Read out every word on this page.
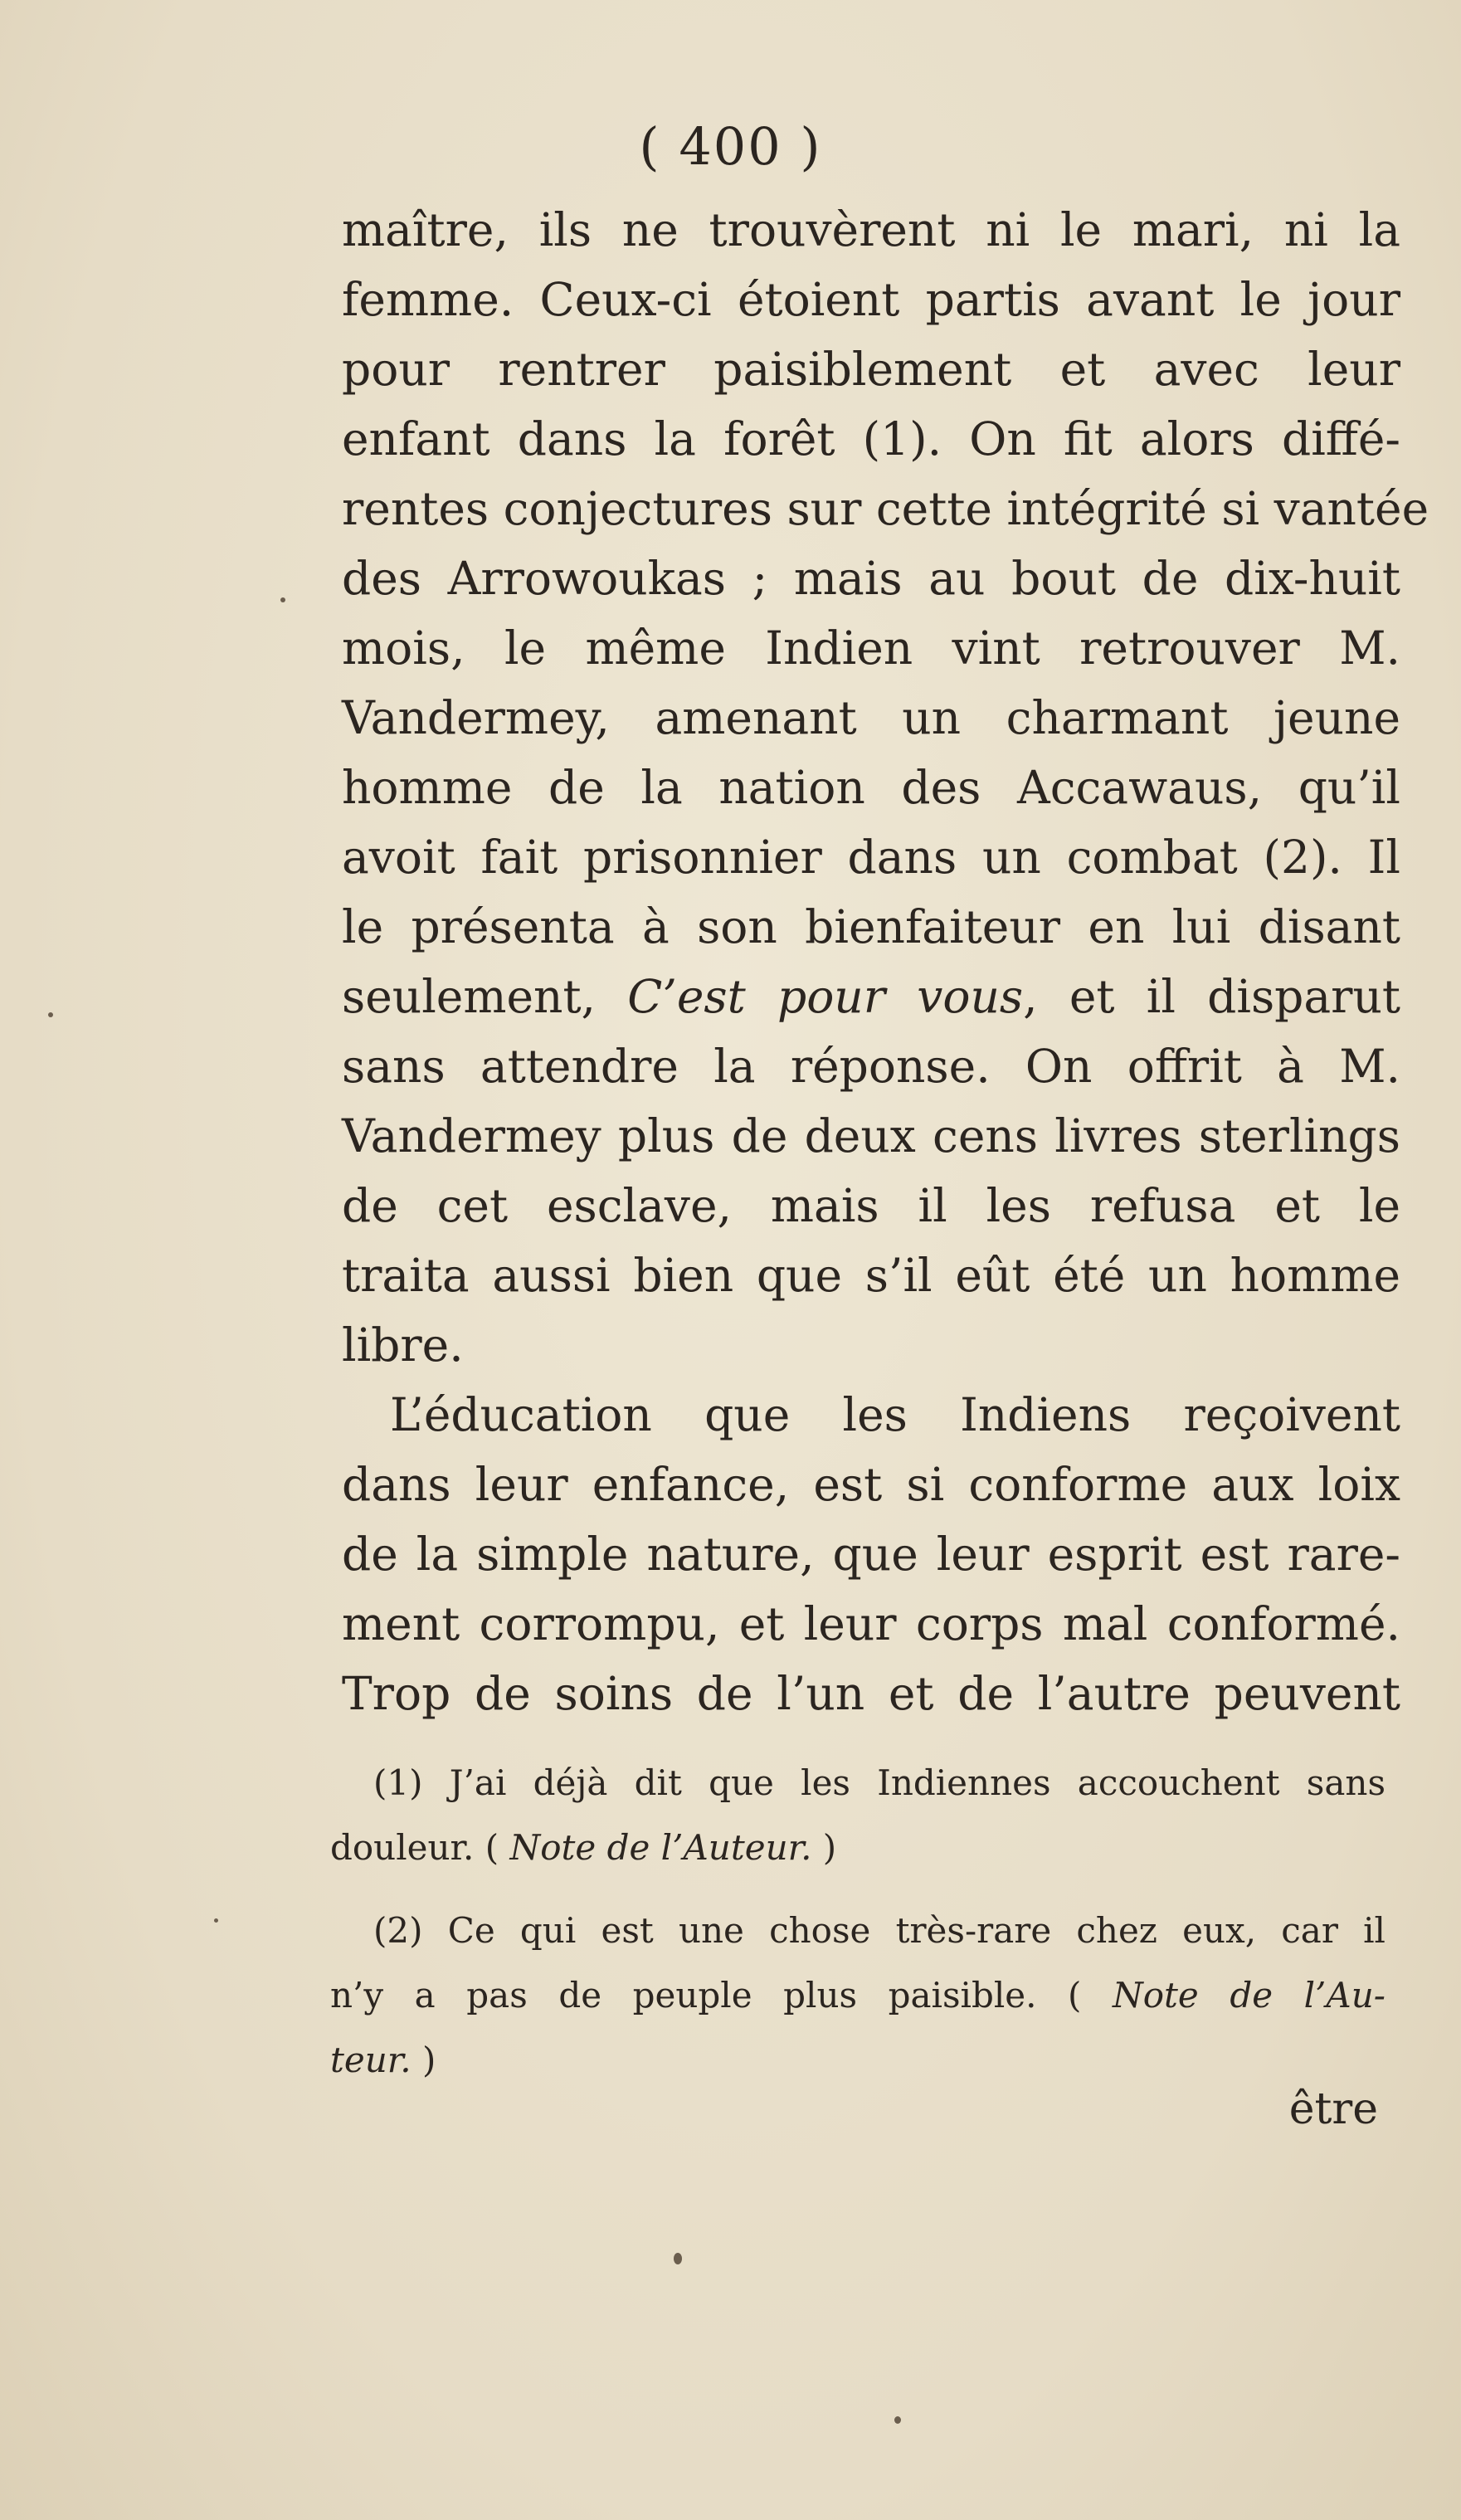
( 400 )
maître, ils ne trouvèrent ni le mari, ni la
femme. Ceux-ci étoient partis avant le jour
pour rentrer paisiblement et avec leur
enfant dans la forêt (1). On fit alors diffé-
rentes conjectures sur cette intégrité si vantée
des Arrowoukas ; mais au bout de dix-huit
mois, le même Indien vint retrouver M.
Vandermey, amenant un charmant jeune
homme de la nation des Accawaus, qu’il
avoit fait prisonnier dans un combat (2). Il
le présenta à son bienfaiteur en lui disant
seulement, C’est pour vous, et il disparut
sans attendre la réponse. On offrit à M.
Vandermey plus de deux cens livres sterlings
de cet esclave, mais il les refusa et le
traita aussi bien que s’il eût été un homme
libre.
L’éducation que les Indiens reçoivent
dans leur enfance, est si conforme aux loix
de la simple nature, que leur esprit est rare-
ment corrompu, et leur corps mal conformé.
Trop de soins de l’un et de l’autre peuvent
(1) J’ai déjà dit que les Indiennes accouchent sans
douleur. ( Note de l’Auteur. )
(2) Ce qui est une chose très-rare chez eux, car il
n’y a pas de peuple plus paisible. ( Note de l’Au-
teur. )
être
